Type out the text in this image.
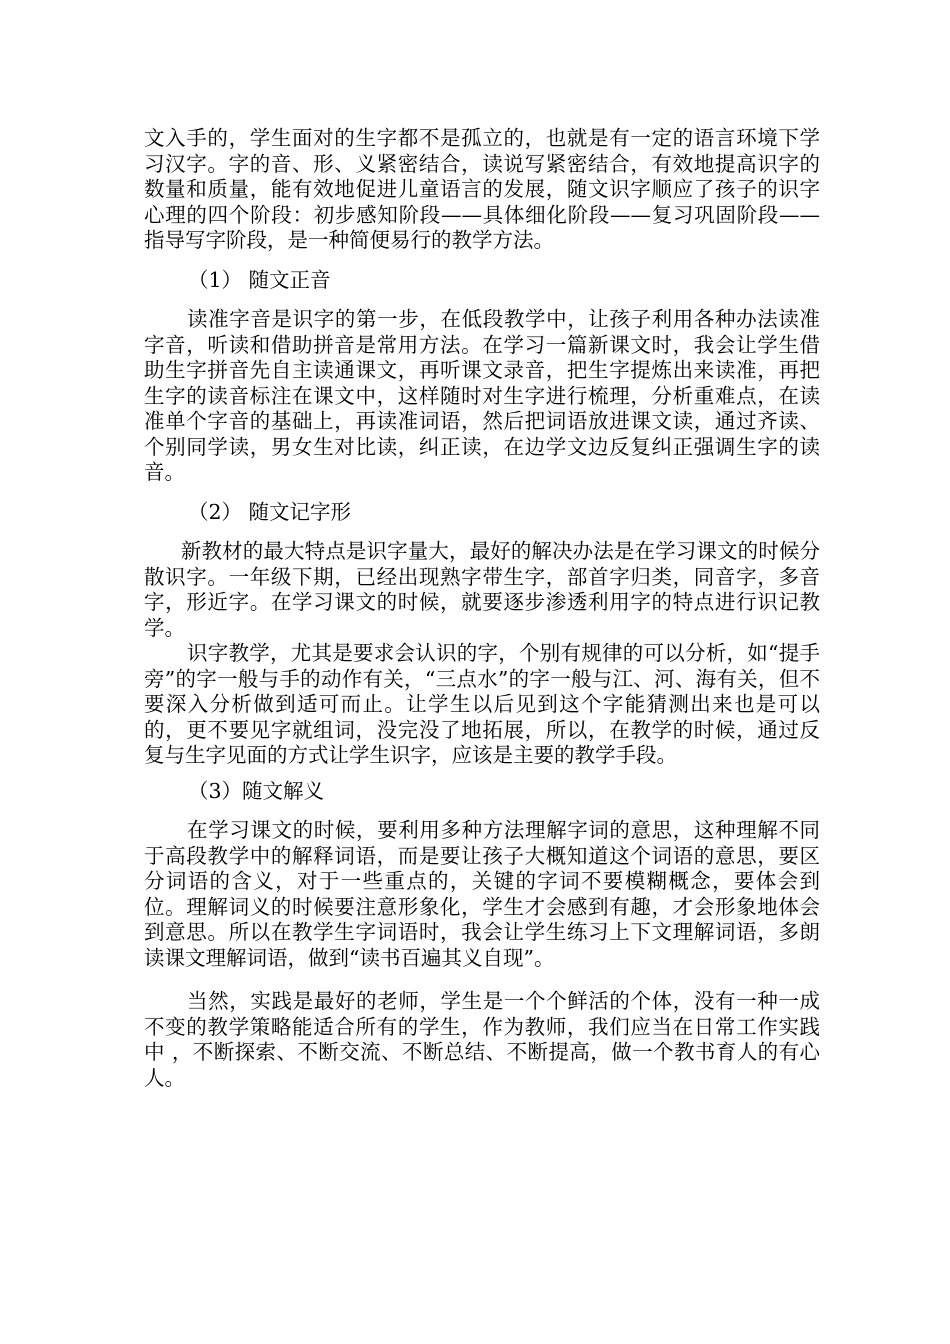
文入手的，学生面对的生字都不是孤立的，也就是有一定的语言环境下学习汉字。字的音、形、义紧密结合，读说写紧密结合，有效地提高识字的数量和质量，能有效地促进儿童语言的发展，随文识字顺应了孩子的识字心理的四个阶段：初步感知阶段——具体细化阶段——复习巩固阶段——指导写字阶段，是一种简便易行的教学方法。

（1） 随文正音

读准字音是识字的第一步，在低段教学中，让孩子利用各种办法读准字音，听读和借助拼音是常用方法。在学习一篇新课文时，我会让学生借助生字拼音先自主读通课文，再听课文录音，把生字提炼出来读准，再把生字的读音标注在课文中，这样随时对生字进行梳理，分析重难点，在读准单个字音的基础上，再读准词语，然后把词语放进课文读，通过齐读、个别同学读，男女生对比读，纠正读，在边学文边反复纠正强调生字的读音。

（2） 随文记字形

新教材的最大特点是识字量大，最好的解决办法是在学习课文的时候分散识字。一年级下期，已经出现熟字带生字，部首字归类，同音字，多音字，形近字。在学习课文的时候，就要逐步渗透利用字的特点进行识记教学。

识字教学，尤其是要求会认识的字，个别有规律的可以分析，如“提手旁”的字一般与手的动作有关，“三点水”的字一般与江、河、海有关，但不要深入分析做到适可而止。让学生以后见到这个字能猜测出来也是可以的，更不要见字就组词，没完没了地拓展，所以，在教学的时候，通过反复与生字见面的方式让学生识字，应该是主要的教学手段。

（3）随文解义

在学习课文的时候，要利用多种方法理解字词的意思，这种理解不同于高段教学中的解释词语，而是要让孩子大概知道这个词语的意思，要区分词语的含义，对于一些重点的，关键的字词不要模糊概念，要体会到位。理解词义的时候要注意形象化，学生才会感到有趣，才会形象地体会到意思。所以在教学生字词语时，我会让学生练习上下文理解词语，多朗读课文理解词语，做到“读书百遍其义自现”。

当然，实践是最好的老师，学生是一个个鲜活的个体，没有一种一成不变的教学策略能适合所有的学生，作为教师，我们应当在日常工作实践中 ，不断探索、不断交流、不断总结、不断提高，做一个教书育人的有心人。
